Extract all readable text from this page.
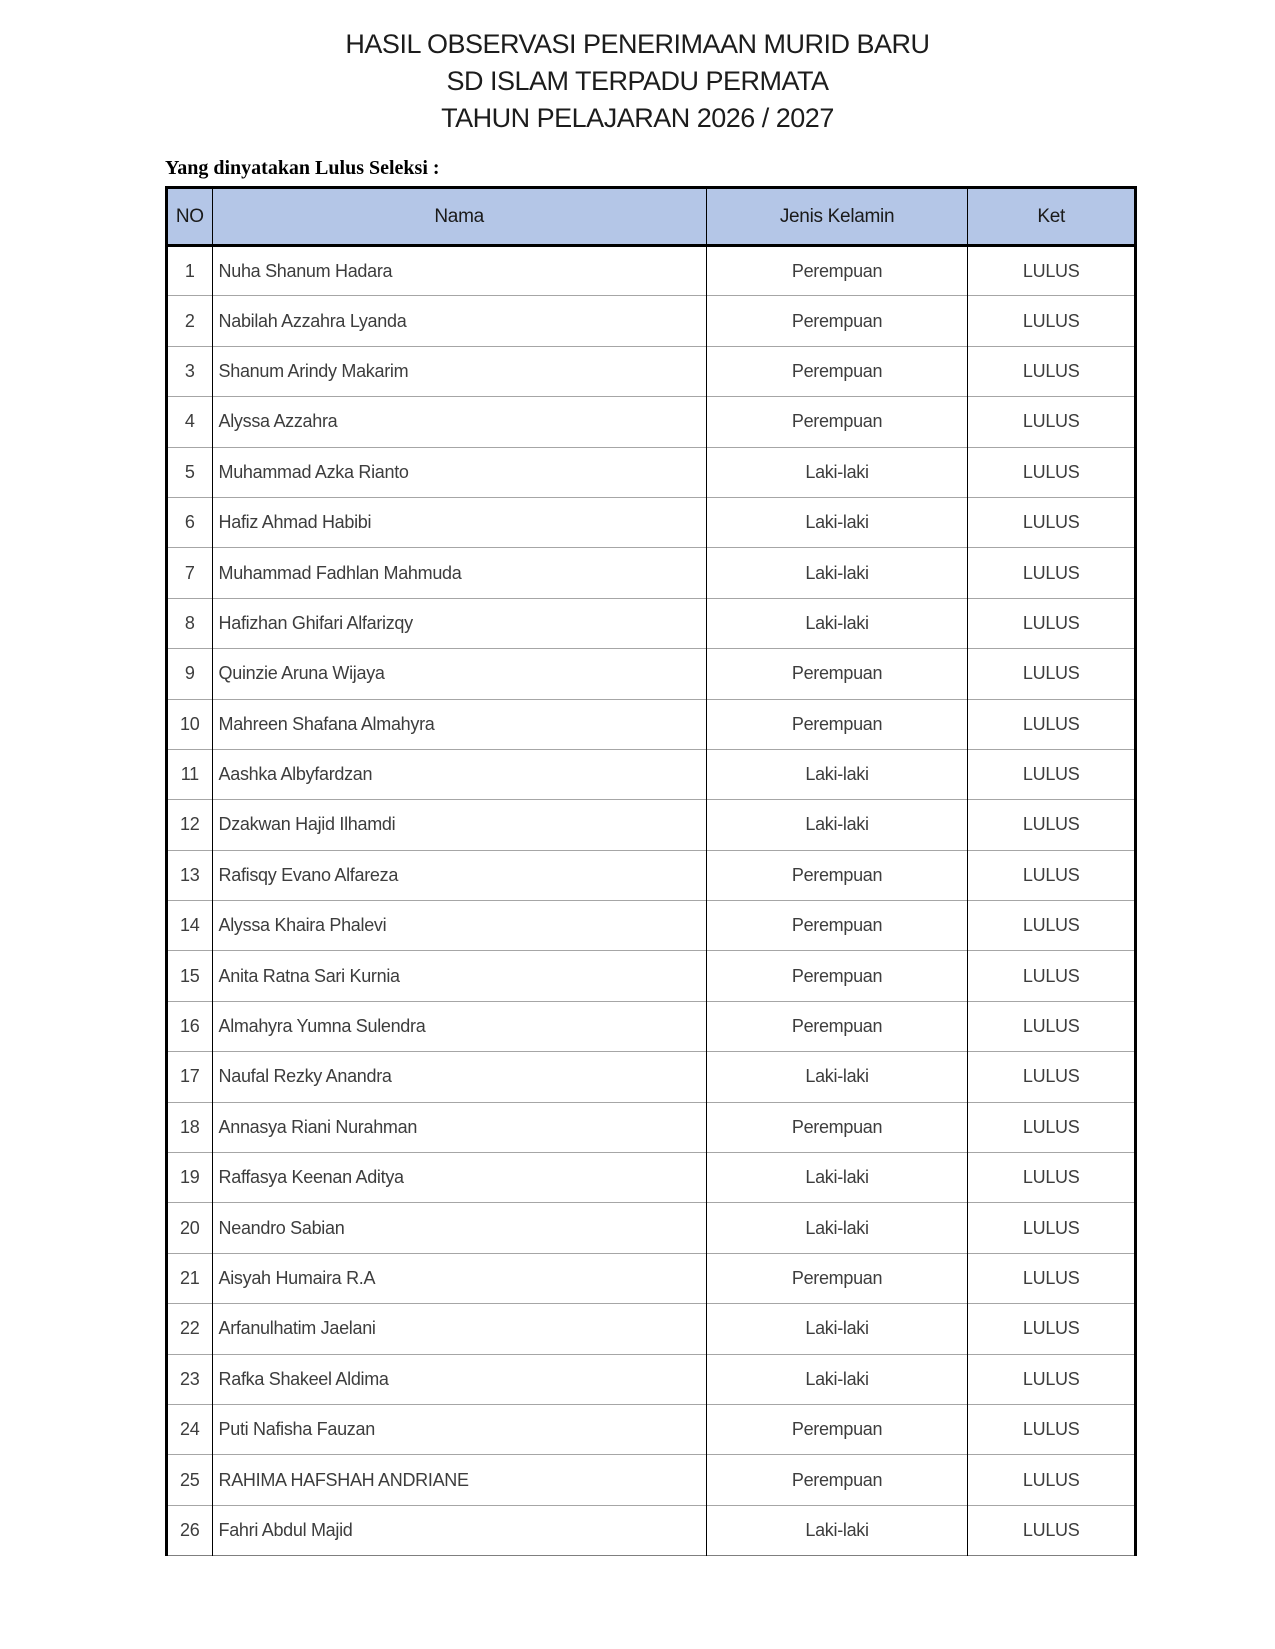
HASIL OBSERVASI PENERIMAAN MURID BARU
SD ISLAM TERPADU PERMATA
TAHUN PELAJARAN 2026 / 2027
Yang dinyatakan Lulus Seleksi :
NO	Nama	Jenis Kelamin	Ket
1	Nuha Shanum Hadara	Perempuan	LULUS
2	Nabilah Azzahra Lyanda	Perempuan	LULUS
3	Shanum Arindy Makarim	Perempuan	LULUS
4	Alyssa Azzahra	Perempuan	LULUS
5	Muhammad Azka Rianto	Laki-laki	LULUS
6	Hafiz Ahmad Habibi	Laki-laki	LULUS
7	Muhammad Fadhlan Mahmuda	Laki-laki	LULUS
8	Hafizhan Ghifari Alfarizqy	Laki-laki	LULUS
9	Quinzie Aruna Wijaya	Perempuan	LULUS
10	Mahreen Shafana Almahyra	Perempuan	LULUS
11	Aashka Albyfardzan	Laki-laki	LULUS
12	Dzakwan Hajid Ilhamdi	Laki-laki	LULUS
13	Rafisqy Evano Alfareza	Perempuan	LULUS
14	Alyssa Khaira Phalevi	Perempuan	LULUS
15	Anita Ratna Sari Kurnia	Perempuan	LULUS
16	Almahyra Yumna Sulendra	Perempuan	LULUS
17	Naufal Rezky Anandra	Laki-laki	LULUS
18	Annasya Riani Nurahman	Perempuan	LULUS
19	Raffasya Keenan Aditya	Laki-laki	LULUS
20	Neandro Sabian	Laki-laki	LULUS
21	Aisyah Humaira R.A	Perempuan	LULUS
22	Arfanulhatim Jaelani	Laki-laki	LULUS
23	Rafka Shakeel Aldima	Laki-laki	LULUS
24	Puti Nafisha Fauzan	Perempuan	LULUS
25	RAHIMA HAFSHAH ANDRIANE	Perempuan	LULUS
26	Fahri Abdul Majid	Laki-laki	LULUS
